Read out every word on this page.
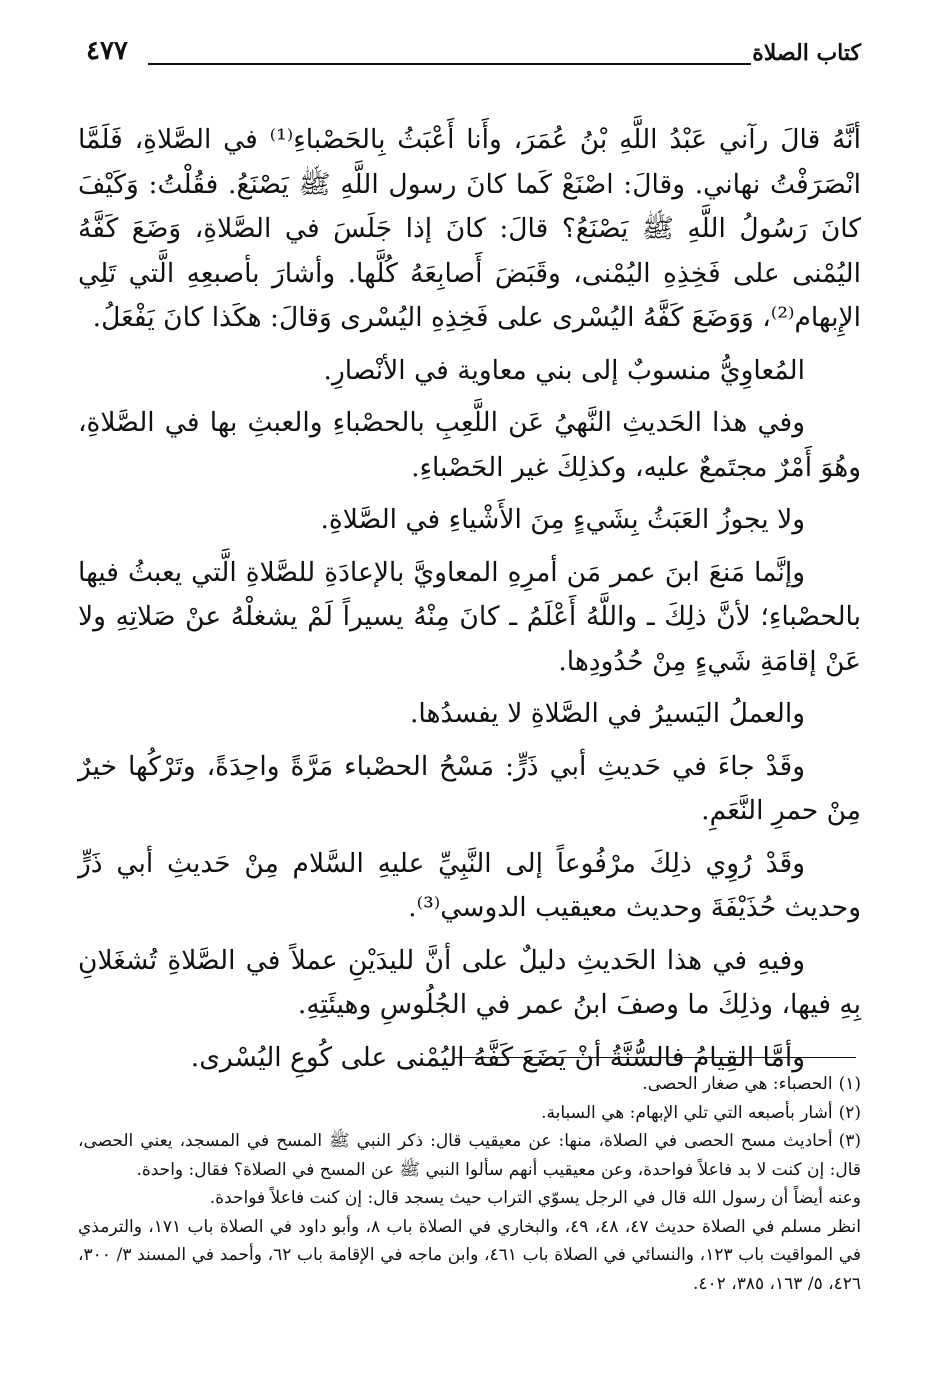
كتاب الصلاة
٤٧٧

أنَّهُ قالَ رآني عَبْدُ اللَّهِ بْنُ عُمَرَ، وأَنا أَعْبَثُ بِالحَصْباءِ⁽¹⁾ في الصَّلاةِ، فَلَمَّا انْصَرَفْتُ نهاني. وقالَ: اصْنَعْ كَما كانَ رسول اللَّهِ ﷺ يَصْنَعُ. فقُلْتُ: وَكَيْفَ كانَ رَسُولُ اللَّهِ ﷺ يَصْنَعُ؟ قالَ: كانَ إذا جَلَسَ في الصَّلاةِ، وَضَعَ كَفَّهُ اليُمْنى على فَخِذِهِ اليُمْنى، وقَبَضَ أَصابِعَهُ كُلَّها. وأشارَ بأصبعِهِ الَّتي تَلِي الإِبهام⁽²⁾، وَوَضَعَ كَفَّهُ اليُسْرى على فَخِذِهِ اليُسْرى وَقالَ: هكَذا كانَ يَفْعَلُ.

المُعاوِيُّ منسوبٌ إلى بني معاوية في الأنْصارِ.

وفي هذا الحَديثِ النَّهيُ عَن اللَّعِبِ بالحصْباءِ والعبثِ بها في الصَّلاةِ، وهُوَ أَمْرٌ مجتَمعٌ عليه، وكذلِكَ غير الحَصْباءِ.

ولا يجوزُ العَبَثُ بِشَيءٍ مِنَ الأَشْياءِ في الصَّلاةِ.

وإنَّما مَنعَ ابنَ عمر مَن أمرِهِ المعاويَّ بالإعادَةِ للصَّلاةِ الَّتي يعبثُ فيها بالحصْباءِ؛ لأنَّ ذلِكَ ـ واللَّهُ أَعْلَمُ ـ كانَ مِنْهُ يسيراً لَمْ يشغلْهُ عنْ صَلاتِهِ ولا عَنْ إقامَةِ شَيءٍ مِنْ حُدُودِها.

والعملُ اليَسيرُ في الصَّلاةِ لا يفسدُها.

وقَدْ جاءَ في حَديثِ أبي ذَرٍّ: مَسْحُ الحصْباء مَرَّةً واحِدَةً، وتَرْكُها خيرٌ مِنْ حمرِ النَّعَمِ.

وقَدْ رُوِي ذلِكَ مرْفُوعاً إلى النَّبِيِّ عليهِ السَّلام مِنْ حَديثِ أبي ذَرٍّ وحديث حُذَيْفَةَ وحديث معيقيب الدوسي⁽³⁾.

وفيهِ في هذا الحَديثِ دليلٌ على أنَّ لليدَيْنِ عملاً في الصَّلاةِ تُشغَلانِ بِهِ فيها، وذلِكَ ما وصفَ ابنُ عمر في الجُلُوسِ وهيئَتِهِ.

وأمَّا القِيامُ فالسُّنَّةُ أنْ يَضَعَ كَفَّهُ اليُمْنى على كُوعِ اليُسْرى.

(١)الحصباء: هي صغار الحصى.

(٢)أشار بأصبعه التي تلي الإبهام: هي السبابة.

(٣)أحاديث مسح الحصى في الصلاة، منها: عن معيقيب قال: ذكر النبي ﷺ المسح في المسجد، يعني الحصى، قال: إن كنت لا بد فاعلاً فواحدة، وعن معيقيب أنهم سألوا النبي ﷺ عن المسح في الصلاة؟ فقال: واحدة.

وعنه أيضاً أن رسول الله قال في الرجل يسوّي التراب حيث يسجد قال: إن كنت فاعلاً فواحدة.

انظر مسلم في الصلاة حديث ٤٧، ٤٨، ٤٩، والبخاري في الصلاة باب ٨، وأبو داود في الصلاة باب ١٧١، والترمذي في المواقيت باب ١٢٣، والنسائي في الصلاة باب ٤٦١، وابن ماجه في الإقامة باب ٦٢، وأحمد في المسند ٣/ ٣٠٠، ٤٢٦، ٥/ ١٦٣، ٣٨٥، ٤٠٢.
